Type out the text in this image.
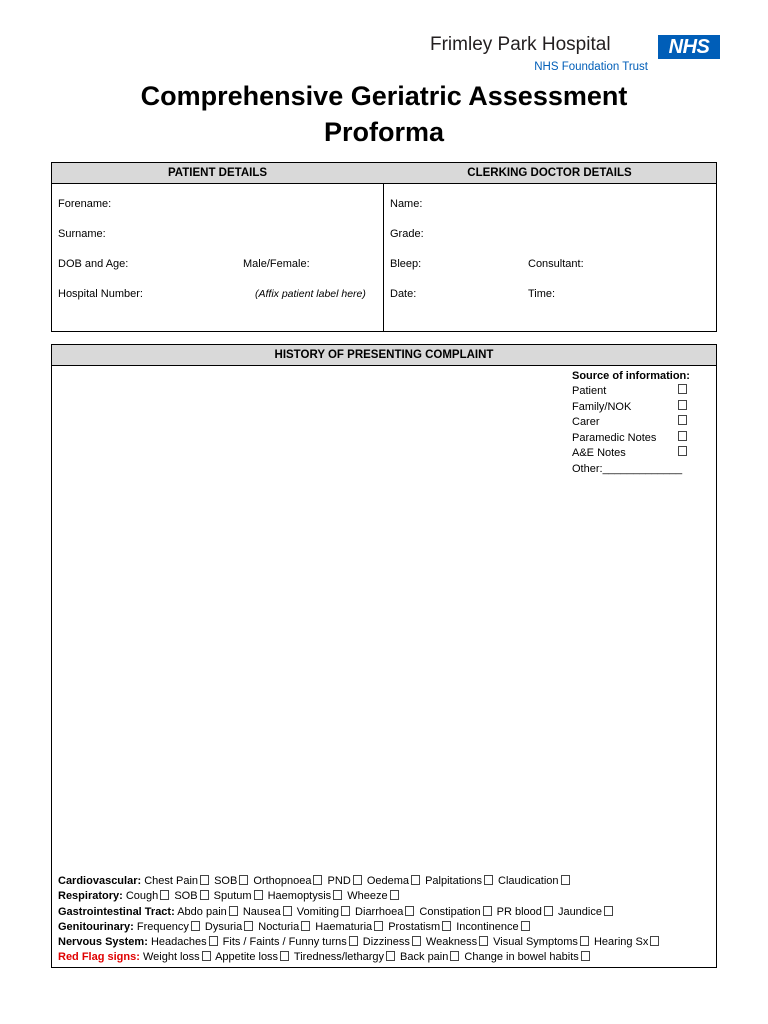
Frimley Park Hospital
NHS Foundation Trust
NHS
Comprehensive Geriatric Assessment
Proforma
PATIENT DETAILS
Forename:
Surname:
DOB and Age:	Male/Female:
Hospital Number:	(Affix patient label here)
CLERKING DOCTOR DETAILS
Name:
Grade:
Bleep:	Consultant:
Date:	Time:
HISTORY OF PRESENTING COMPLAINT
Source of information:
Patient
Family/NOK
Carer
Paramedic Notes
A&E Notes
Other:_____________
Cardiovascular: Chest Pain SOB Orthopnoea PND Oedema Palpitations Claudication
Respiratory: Cough SOB Sputum Haemoptysis Wheeze
Gastrointestinal Tract: Abdo pain Nausea Vomiting Diarrhoea Constipation PR blood Jaundice
Genitourinary: Frequency Dysuria Nocturia Haematuria Prostatism Incontinence
Nervous System: Headaches Fits / Faints / Funny turns Dizziness Weakness Visual Symptoms Hearing Sx
Red Flag signs: Weight loss Appetite loss Tiredness/lethargy Back pain Change in bowel habits
